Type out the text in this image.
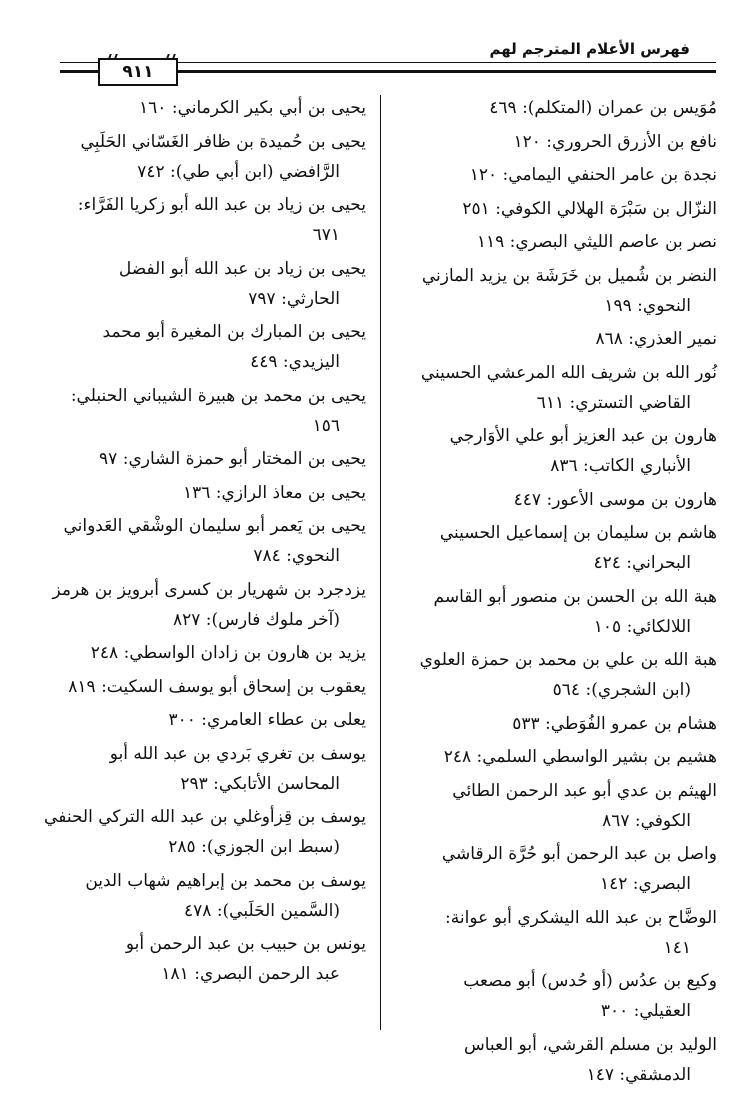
فهرس الأعلام المترجم لهم
٩١١
مُوَيس بن عمران (المتكلم): ٤٦٩
نافع بن الأزرق الحروري: ١٢٠
نجدة بن عامر الحنفي اليمامي: ١٢٠
النزّال بن سَبْرَة الهلالي الكوفي: ٢٥١
نصر بن عاصم الليثي البصري: ١١٩
النضر بن شُميل بن خَرَشَة بن يزيد المازني
النحوي: ١٩٩
نمير العذري: ٨٦٨
نُور الله بن شريف الله المرعشي الحسيني
القاضي التستري: ٦١١
هارون بن عبد العزيز أبو علي الأوَارجي
الأنباري الكاتب: ٨٣٦
هارون بن موسى الأعور: ٤٤٧
هاشم بن سليمان بن إسماعيل الحسيني
البحراني: ٤٢٤
هبة الله بن الحسن بن منصور أبو القاسم
اللالكائي: ١٠٥
هبة الله بن علي بن محمد بن حمزة العلوي
(ابن الشجري): ٥٦٤
هشام بن عمرو الفُوَطي: ٥٣٣
هشيم بن بشير الواسطي السلمي: ٢٤٨
الهيثم بن عدي أبو عبد الرحمن الطائي
الكوفي: ٨٦٧
واصل بن عبد الرحمن أبو حُرَّة الرقاشي
البصري: ١٤٢
الوضَّاح بن عبد الله اليشكري أبو عوانة:
١٤١
وكيع بن عدُس (أو حُدس) أبو مصعب
العقيلي: ٣٠٠
الوليد بن مسلم القرشي، أبو العباس
الدمشقي: ١٤٧
يحيى بن أبي بكير الكرماني: ١٦٠
يحيى بن حُميدة بن ظافر الغَسّاني الحَلَبِي
الرَّافضي (ابن أبي طي): ٧٤٢
يحيى بن زياد بن عبد الله أبو زكريا الفَرَّاء:
٦٧١
يحيى بن زياد بن عبد الله أبو الفضل
الحارثي: ٧٩٧
يحيى بن المبارك بن المغيرة أبو محمد
اليزيدي: ٤٤٩
يحيى بن محمد بن هبيرة الشيباني الحنبلي:
١٥٦
يحيى بن المختار أبو حمزة الشاري: ٩٧
يحيى بن معاذ الرازي: ١٣٦
يحيى بن يَعمر أبو سليمان الوشْقي العَدواني
النحوي: ٧٨٤
يزدجرد بن شهريار بن كسرى أبرويز بن هرمز
(آخر ملوك فارس): ٨٢٧
يزيد بن هارون بن زادان الواسطي: ٢٤٨
يعقوب بن إسحاق أبو يوسف السكيت: ٨١٩
يعلى بن عطاء العامري: ٣٠٠
يوسف بن تغري بَردي بن عبد الله أبو
المحاسن الأتابكي: ٢٩٣
يوسف بن قِزأوغلي بن عبد الله التركي الحنفي
(سبط ابن الجوزي): ٢٨٥
يوسف بن محمد بن إبراهيم شهاب الدين
(السَّمين الحَلَبي): ٤٧٨
يونس بن حبيب بن عبد الرحمن أبو
عبد الرحمن البصري: ١٨١
